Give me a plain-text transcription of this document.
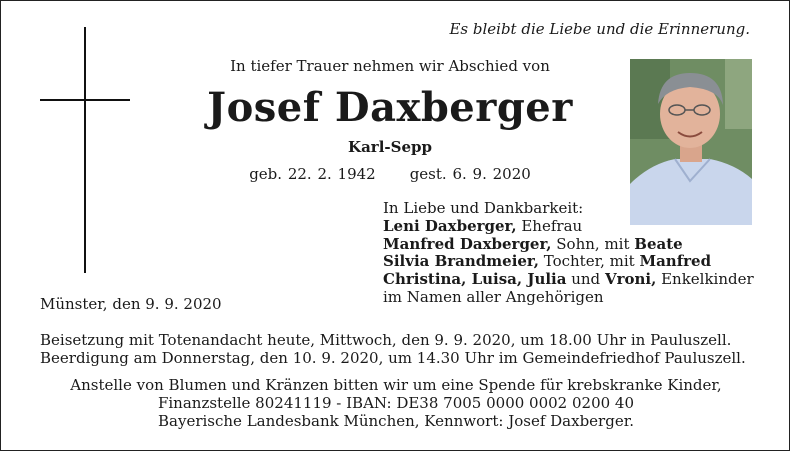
Es bleibt die Liebe und die Erinnerung.
In tiefer Trauer nehmen wir Abschied von
Josef Daxberger
Karl-Sepp
geb. 22. 2. 1942 gest. 6. 9. 2020
In Liebe und Dankbarkeit:
Leni Daxberger, Ehefrau
Manfred Daxberger, Sohn, mit Beate
Silvia Brandmeier, Tochter, mit Manfred
Christina, Luisa, Julia und Vroni, Enkelkinder
im Namen aller Angehörigen
Münster, den 9. 9. 2020
Beisetzung mit Totenandacht heute, Mittwoch, den 9. 9. 2020, um 18.00 Uhr in Pauluszell.
Beerdigung am Donnerstag, den 10. 9. 2020, um 14.30 Uhr im Gemeindefriedhof Pauluszell.
Anstelle von Blumen und Kränzen bitten wir um eine Spende für krebskranke Kinder,
Finanzstelle 80241119 - IBAN: DE38 7005 0000 0002 0200 40
Bayerische Landesbank München, Kennwort: Josef Daxberger.
